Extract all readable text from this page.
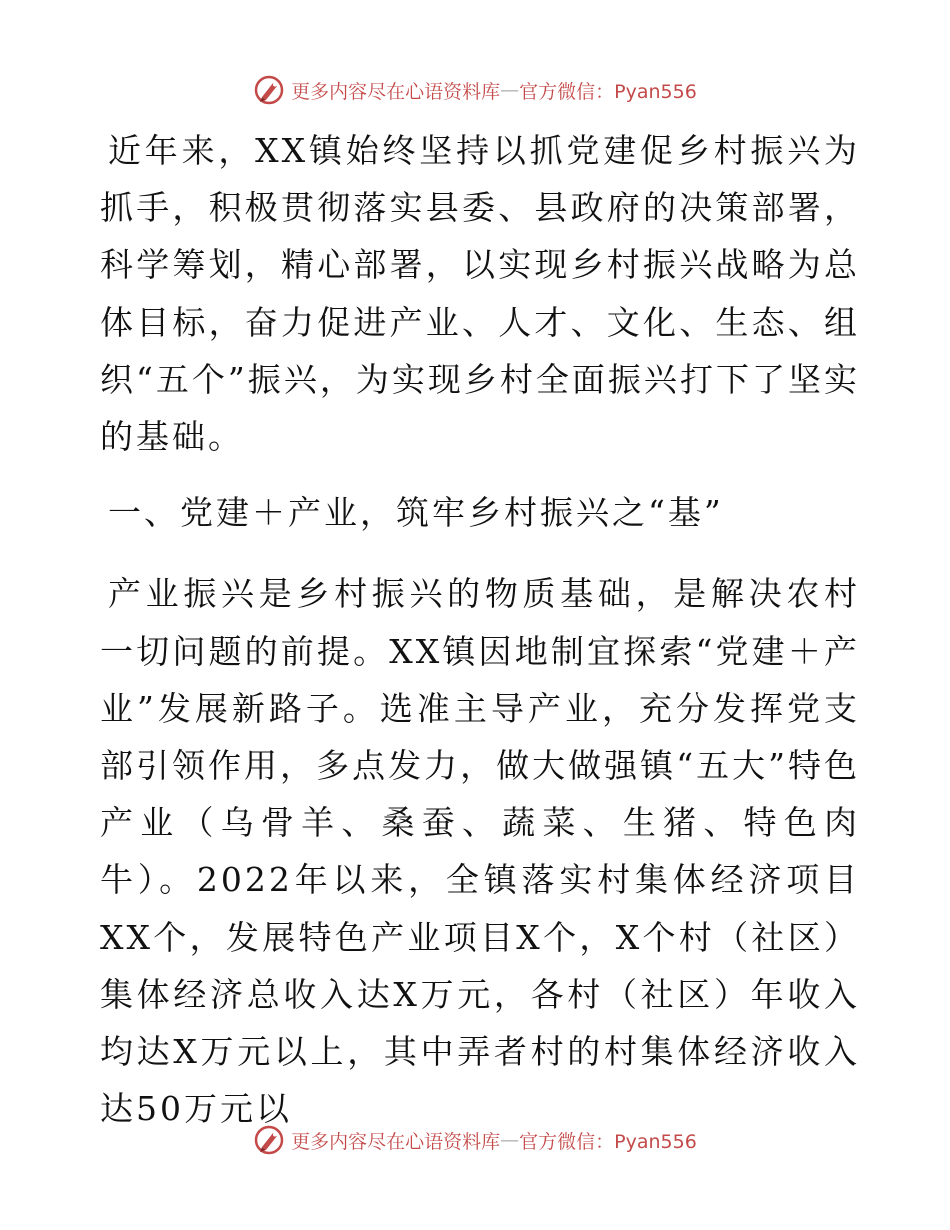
更多内容尽在心语资料库 — 官方微信：Pyan556

近年来，XX镇始终坚持以抓党建促乡村振兴为抓手，积极贯彻落实县委、县政府的决策部署，科学筹划，精心部署，以实现乡村振兴战略为总体目标，奋力促进产业、人才、文化、生态、组织“五个”振兴，为实现乡村全面振兴打下了坚实的基础。

一、党建＋产业，筑牢乡村振兴之“基”

产业振兴是乡村振兴的物质基础，是解决农村一切问题的前提。XX镇因地制宜探索“党建＋产业”发展新路子。选准主导产业，充分发挥党支部引领作用，多点发力，做大做强镇“五大”特色产业（乌骨羊、桑蚕、蔬菜、生猪、特色肉牛）。2022年以来，全镇落实村集体经济项目XX个，发展特色产业项目X个，X个村（社区）集体经济总收入达X万元，各村（社区）年收入均达X万元以上，其中弄者村的村集体经济收入达50万元以

更多内容尽在心语资料库 — 官方微信：Pyan556
